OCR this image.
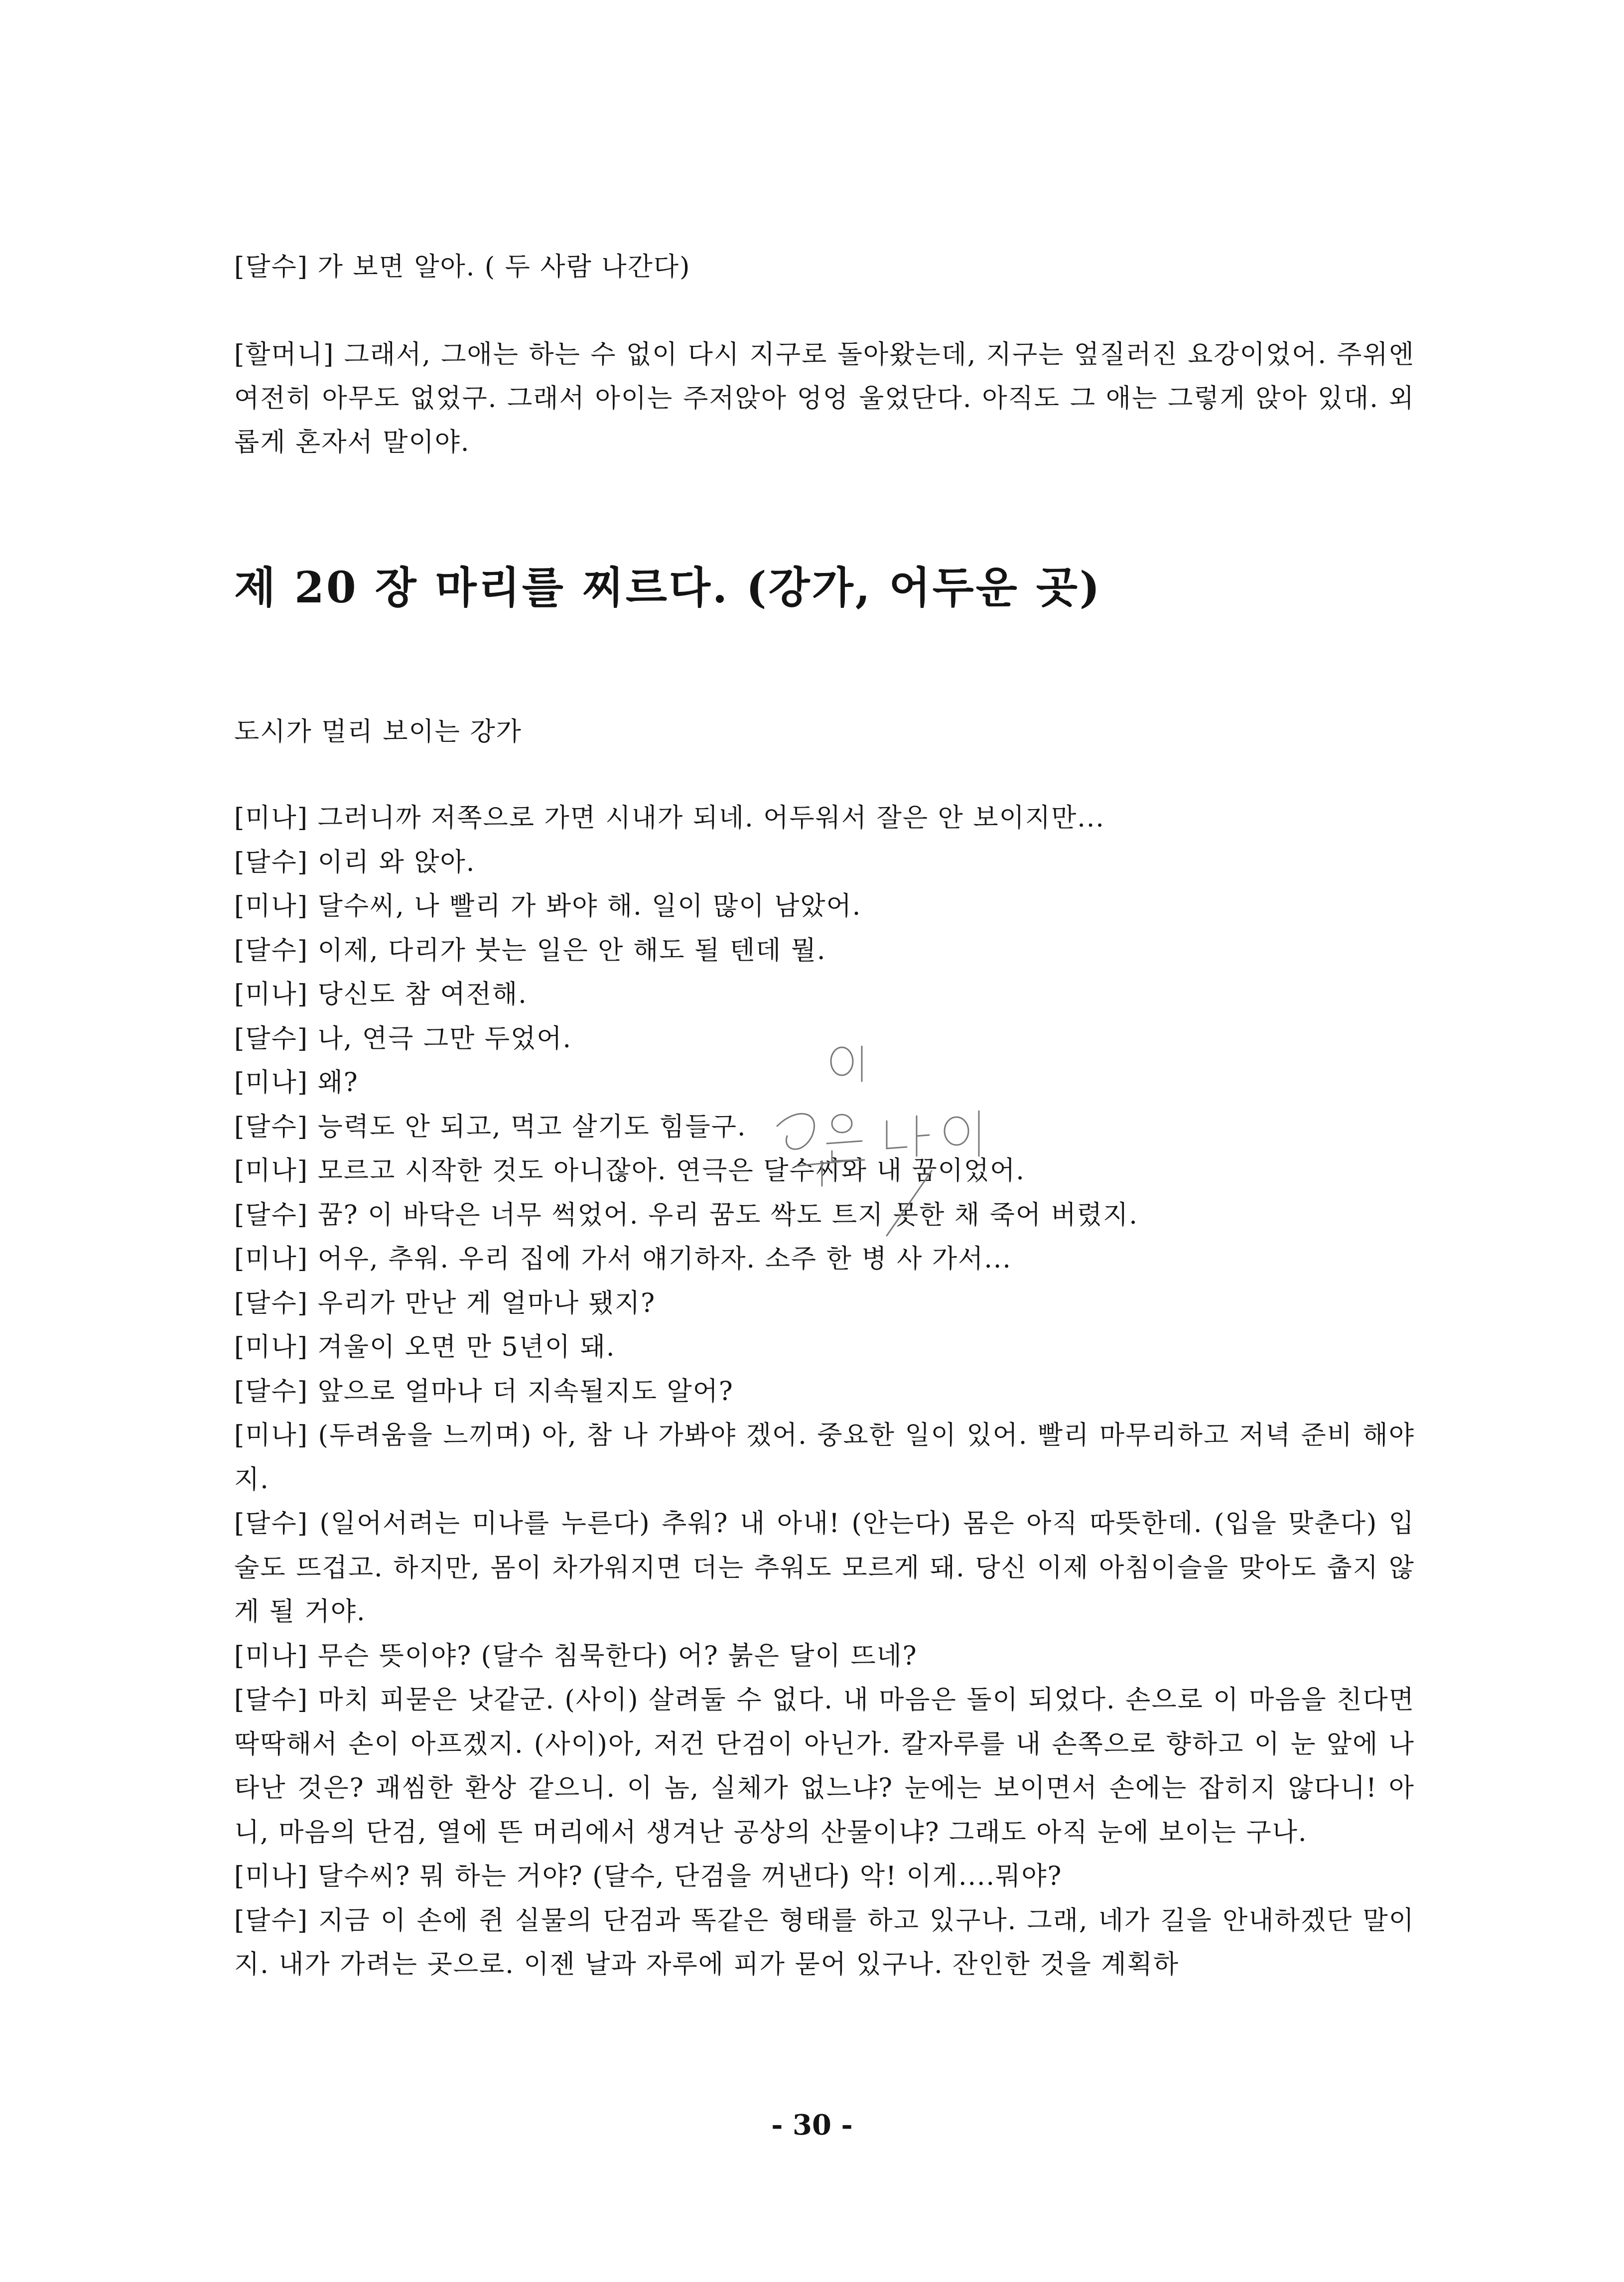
[달수] 가 보면 알아. ( 두 사람 나간다)

[할머니] 그래서, 그애는 하는 수 없이 다시 지구로 돌아왔는데, 지구는 엎질러진 요강이었어. 주위엔 여전히 아무도 없었구. 그래서 아이는 주저앉아 엉엉 울었단다. 아직도 그 애는 그렇게 앉아 있대. 외롭게 혼자서 말이야.

제 20 장 마리를 찌르다. (강가, 어두운 곳)

도시가 멀리 보이는 강가

[미나] 그러니까 저쪽으로 가면 시내가 되네. 어두워서 잘은 안 보이지만...

[달수] 이리 와 앉아.

[미나] 달수씨, 나 빨리 가 봐야 해. 일이 많이 남았어.

[달수] 이제, 다리가 붓는 일은 안 해도 될 텐데 뭘.

[미나] 당신도 참 여전해.

[달수] 나, 연극 그만 두었어.

[미나] 왜?

[달수] 능력도 안 되고, 먹고 살기도 힘들구.

[미나] 모르고 시작한 것도 아니잖아. 연극은 달수씨와 내 꿈이었어.

[달수] 꿈? 이 바닥은 너무 썩었어. 우리 꿈도 싹도 트지 못한 채 죽어 버렸지.

[미나] 어우, 추워. 우리 집에 가서 얘기하자. 소주 한 병 사 가서...

[달수] 우리가 만난 게 얼마나 됐지?

[미나] 겨울이 오면 만 5년이 돼.

[달수] 앞으로 얼마나 더 지속될지도 알어?

[미나] (두려움을 느끼며) 아, 참 나 가봐야 겠어. 중요한 일이 있어. 빨리 마무리하고 저녁 준비 해야지.

[달수] (일어서려는 미나를 누른다) 추워? 내 아내! (안는다) 몸은 아직 따뜻한데. (입을 맞춘다) 입술도 뜨겁고. 하지만, 몸이 차가워지면 더는 추워도 모르게 돼. 당신 이제 아침이슬을 맞아도 춥지 않게 될 거야.

[미나] 무슨 뜻이야? (달수 침묵한다) 어? 붉은 달이 뜨네?

[달수] 마치 피묻은 낫같군. (사이) 살려둘 수 없다. 내 마음은 돌이 되었다. 손으로 이 마음을 친다면 딱딱해서 손이 아프겠지. (사이)아, 저건 단검이 아닌가. 칼자루를 내 손쪽으로 향하고 이 눈 앞에 나타난 것은? 괘씸한 환상 같으니. 이 놈, 실체가 없느냐? 눈에는 보이면서 손에는 잡히지 않다니! 아니, 마음의 단검, 열에 뜬 머리에서 생겨난 공상의 산물이냐? 그래도 아직 눈에 보이는 구나.

[미나] 달수씨? 뭐 하는 거야? (달수, 단검을 꺼낸다) 악! 이게....뭐야?

[달수] 지금 이 손에 쥔 실물의 단검과 똑같은 형태를 하고 있구나. 그래, 네가 길을 안내하겠단 말이지. 내가 가려는 곳으로. 이젠 날과 자루에 피가 묻어 있구나. 잔인한 것을 계획하

- 30 -
